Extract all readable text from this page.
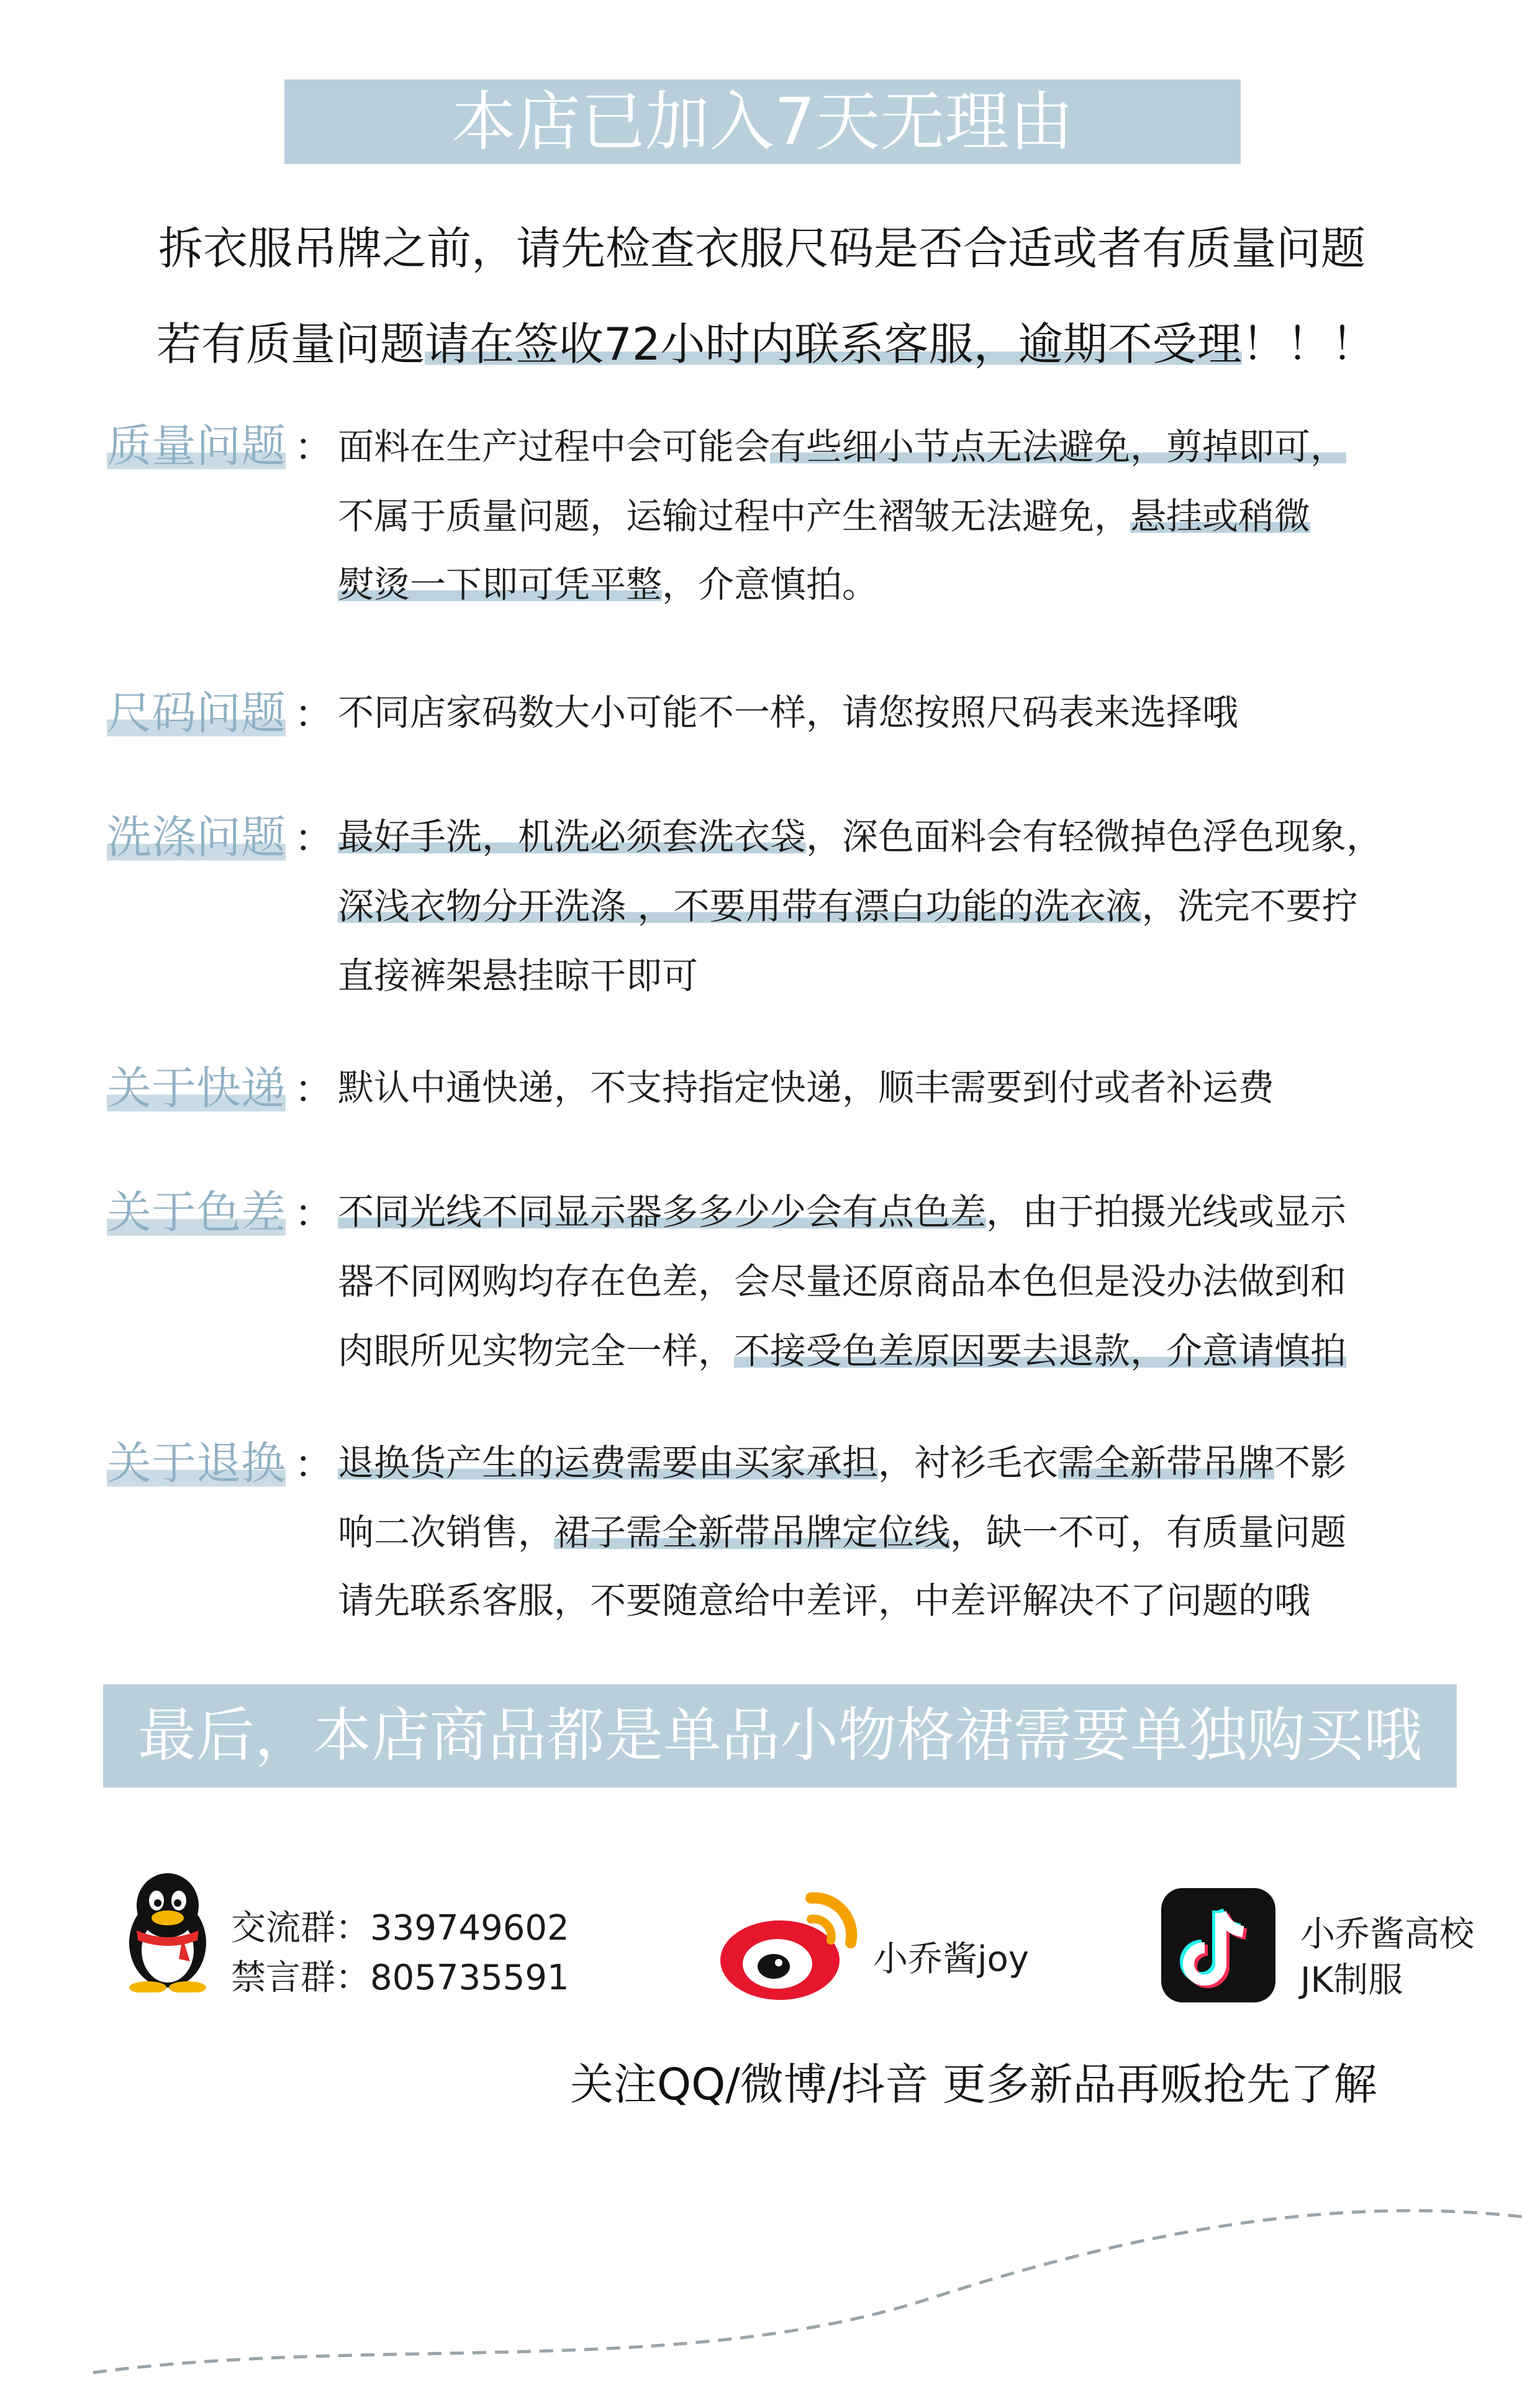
本店已加入7天无理由
拆衣服吊牌之前，请先检查衣服尺码是否合适或者有质量问题
若有质量问题请在签收72小时内联系客服，逾期不受理！！！
质量问题 ： 面料在生产过程中会可能会有些细小节点无法避免，剪掉即可，
不属于质量问题，运输过程中产生褶皱无法避免，悬挂或稍微
熨烫一下即可凭平整，介意慎拍。
尺码问题 ： 不同店家码数大小可能不一样，请您按照尺码表来选择哦
洗涤问题 ： 最好手洗，机洗必须套洗衣袋，深色面料会有轻微掉色浮色现象，
深浅衣物分开洗涤 ，不要用带有漂白功能的洗衣液，洗完不要拧
直接裤架悬挂晾干即可
关于快递 ： 默认中通快递，不支持指定快递，顺丰需要到付或者补运费
关于色差 ： 不同光线不同显示器多多少少会有点色差，由于拍摄光线或显示
器不同网购均存在色差，会尽量还原商品本色但是没办法做到和
肉眼所见实物完全一样，不接受色差原因要去退款，介意请慎拍
关于退换 ： 退换货产生的运费需要由买家承担，衬衫毛衣需全新带吊牌不影
响二次销售，裙子需全新带吊牌定位线，缺一不可，有质量问题
请先联系客服，不要随意给中差评，中差评解决不了问题的哦
最后，本店商品都是单品小物格裙需要单独购买哦
交流群：339749602
禁言群：805735591	小乔酱joy
小乔酱高校
JK制服
关注QQ/微博/抖音 更多新品再贩抢先了解
